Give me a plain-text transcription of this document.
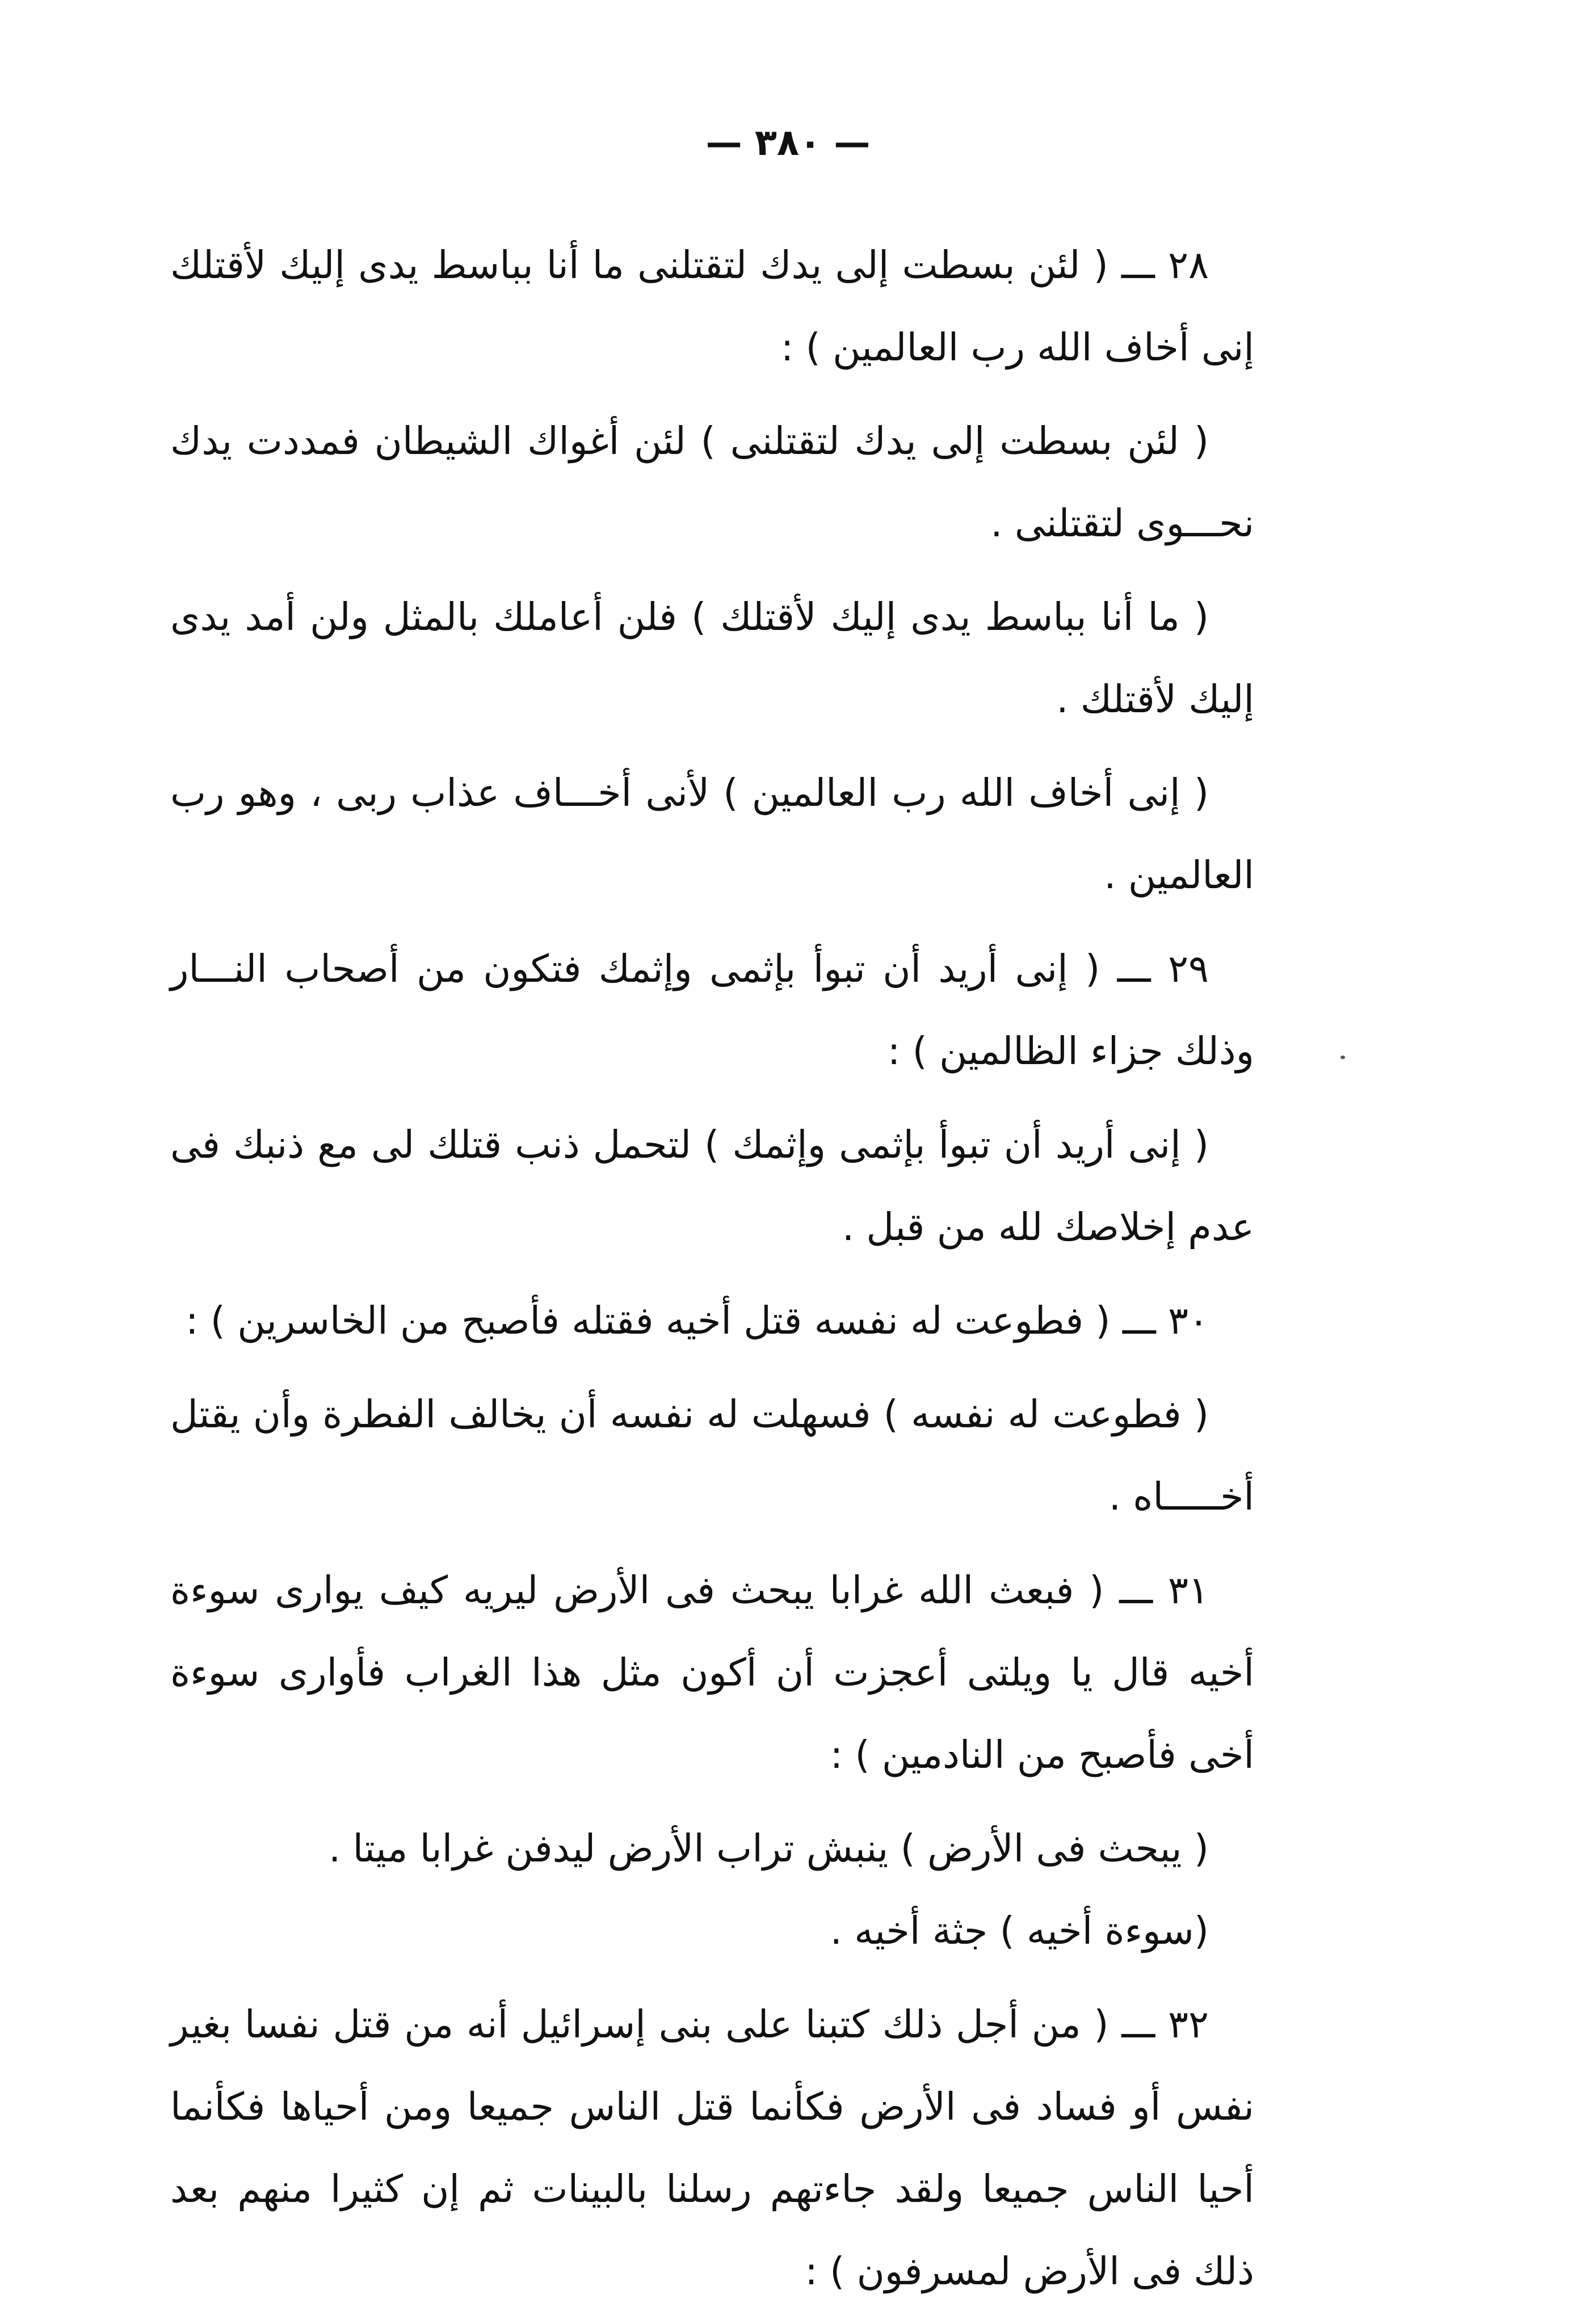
— ٣٨٠ —

٢٨ ـــ ( لئن بسطت إلى يدك لتقتلنى ما أنا بباسط يدى إليك لأقتلك إنى أخاف الله رب العالمين ) :

( لئن بسطت إلى يدك لتقتلنى ) لئن أغواك الشيطان فمددت يدك نحـــوى لتقتلنى .

( ما أنا بباسط يدى إليك لأقتلك ) فلن أعاملك بالمثل ولن أمد يدى إليك لأقتلك .

( إنى أخاف الله رب العالمين ) لأنى أخـــاف عذاب ربى ، وهو رب العالمين .

٢٩ ـــ ( إنى أريد أن تبوأ بإثمى وإثمك فتكون من أصحاب النـــار وذلك جزاء الظالمين ) :

( إنى أريد أن تبوأ بإثمى وإثمك ) لتحمل ذنب قتلك لى مع ذنبك فى عدم إخلاصك لله من قبل .

٣٠ ـــ ( فطوعت له نفسه قتل أخيه فقتله فأصبح من الخاسرين ) :

( فطوعت له نفسه ) فسهلت له نفسه أن يخالف الفطرة وأن يقتل أخـــــاه .

٣١ ـــ ( فبعث الله غرابا يبحث فى الأرض ليريه كيف يوارى سوءة أخيه قال يا ويلتى أعجزت أن أكون مثل هذا الغراب فأوارى سوءة أخى فأصبح من النادمين ) :

( يبحث فى الأرض ) ينبش تراب الأرض ليدفن غرابا ميتا .

(سوءة أخيه ) جثة أخيه .

٣٢ ـــ ( من أجل ذلك كتبنا على بنى إسرائيل أنه من قتل نفسا بغير نفس أو فساد فى الأرض فكأنما قتل الناس جميعا ومن أحياها فكأنما أحيا الناس جميعا ولقد جاءتهم رسلنا بالبينات ثم إن كثيرا منهم بعد ذلك فى الأرض لمسرفون ) :
